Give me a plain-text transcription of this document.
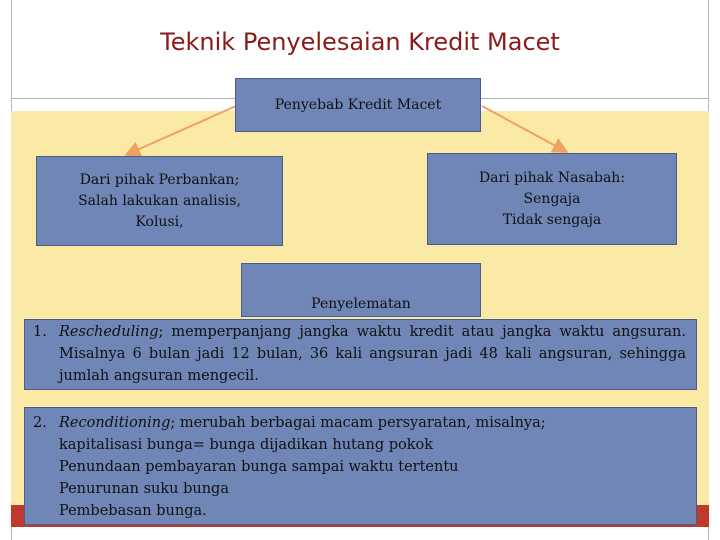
Teknik Penyelesaian Kredit Macet
Penyebab Kredit Macet
Dari pihak Perbankan;
Salah lakukan analisis,
Kolusi,
Dari pihak Nasabah:
Sengaja
Tidak sengaja
Penyelematan
1. Rescheduling; memperpanjang jangka waktu kredit atau jangka waktu angsuran. Misalnya 6 bulan jadi 12 bulan, 36 kali angsuran jadi 48 kali angsuran, sehingga jumlah angsuran mengecil.
2. Reconditioning; merubah berbagai macam persyaratan, misalnya;
kapitalisasi bunga= bunga dijadikan hutang pokok
Penundaan pembayaran bunga sampai waktu tertentu
Penurunan suku bunga
Pembebasan bunga.
